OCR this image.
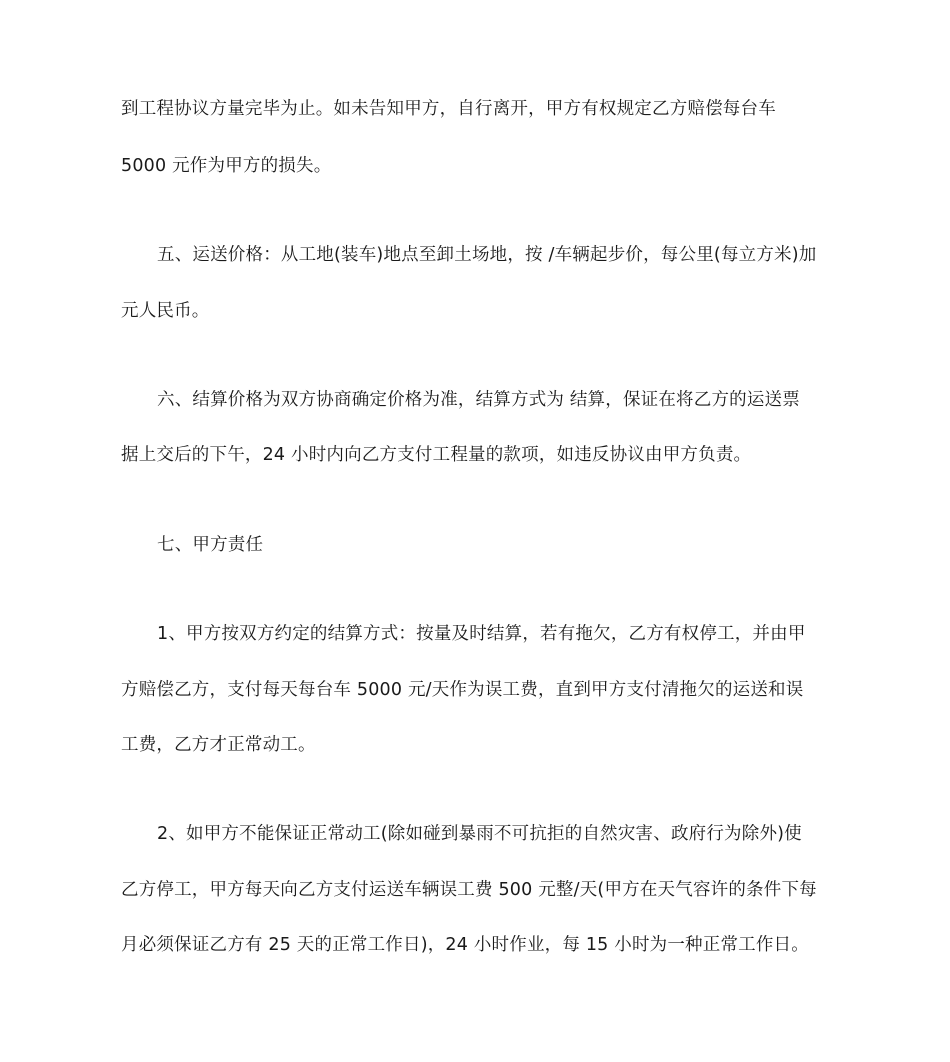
到工程协议方量完毕为止。如未告知甲方，自行离开，甲方有权规定乙方赔偿每台车
5000 元作为甲方的损失。
五、运送价格：从工地(装车)地点至卸土场地，按 /车辆起步价，每公里(每立方米)加
元人民币。
六、结算价格为双方协商确定价格为准，结算方式为 结算，保证在将乙方的运送票
据上交后的下午，24 小时内向乙方支付工程量的款项，如违反协议由甲方负责。
七、甲方责任
1、甲方按双方约定的结算方式：按量及时结算，若有拖欠，乙方有权停工，并由甲
方赔偿乙方，支付每天每台车 5000 元/天作为误工费，直到甲方支付清拖欠的运送和误
工费，乙方才正常动工。
2、如甲方不能保证正常动工(除如碰到暴雨不可抗拒的自然灾害、政府行为除外)使
乙方停工，甲方每天向乙方支付运送车辆误工费 500 元整/天(甲方在天气容许的条件下每
月必须保证乙方有 25 天的正常工作日)，24 小时作业，每 15 小时为一种正常工作日。
